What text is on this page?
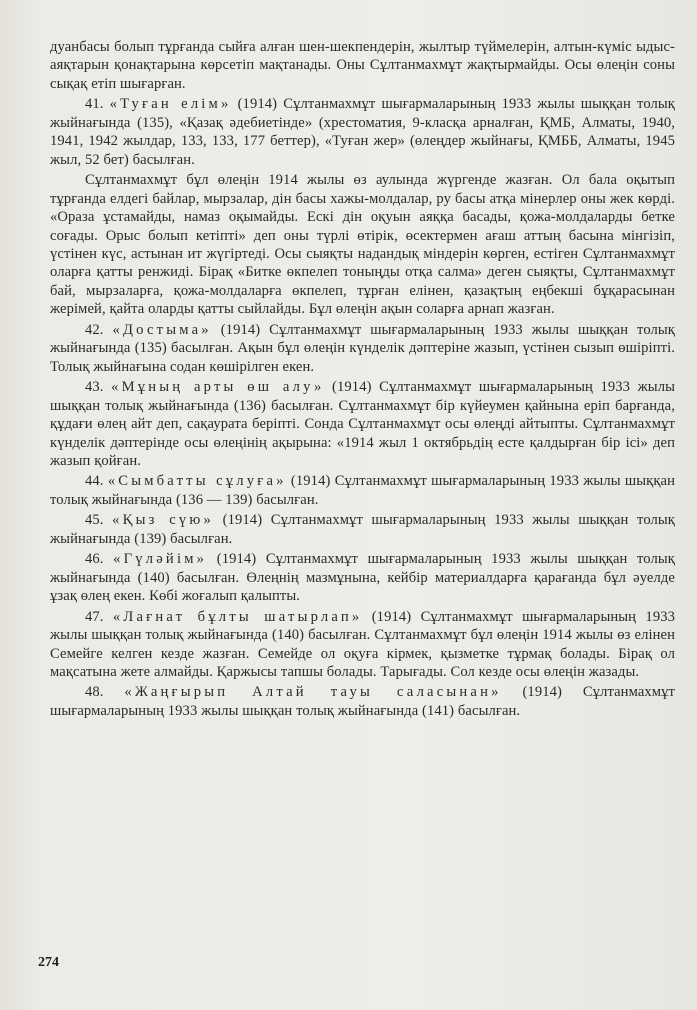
дуанбасы болып тұрғанда сыйға алған шен-шекпендерін, жылтыр түймелерін, алтын-күміс ыдыс-аяқтарын қонақтарына көрсетіп мақтанады. Оны Сұлтанмахмұт жақтырмайды. Осы өлеңін соны сықақ етіп шығарған.

41. «Туған елім» (1914) Сұлтанмахмұт шығармаларының 1933 жылы шыққан толық жыйнағында (135), «Қазақ әдебиетінде» (хрестоматия, 9-класқа арналған, ҚМБ, Алматы, 1940, 1941, 1942 жылдар, 133, 133, 177 беттер), «Туған жер» (өлеңдер жыйнағы, ҚМББ, Алматы, 1945 жыл, 52 бет) басылған.

Сұлтанмахмұт бұл өлеңін 1914 жылы өз аулында жүргенде жазған. Ол бала оқытып тұрғанда елдегі байлар, мырзалар, дін басы хажы-молдалар, ру басы атқа мінерлер оны жек көрді. «Ораза ұстамайды, намаз оқымайды. Ескі дін оқуын аяққа басады, қожа-молдаларды бетке соғады. Орыс болып кетіпті» деп оны түрлі өтірік, өсектермен ағаш аттың басына мінгізіп, үстінен күс, астынан ит жүгіртеді. Осы сыяқты надандық міндерін көрген, естіген Сұлтанмахмұт оларға қатты ренжиді. Бірақ «Битке өкпелеп тоныңды отқа салма» деген сыяқты, Сұлтанмахмұт бай, мырзаларға, қожа-молдаларға өкпелеп, тұрған елінен, қазақтың еңбекші бұқарасынан жерімей, қайта оларды қатты сыйлайды. Бұл өлеңін ақын соларға арнап жазған.

42. «Достыма» (1914) Сұлтанмахмұт шығармаларының 1933 жылы шыққан толық жыйнағында (135) басылған. Ақын бұл өлеңін күнделік дәптеріне жазып, үстінен сызып өшіріпті. Толық жыйнағына содан көшірілген екен.

43. «Мұның арты өш алу» (1914) Сұлтанмахмұт шығармаларының 1933 жылы шыққан толық жыйнағында (136) басылған. Сұлтанмахмұт бір күйеумен қайнына еріп барғанда, құдағи өлең айт деп, сақаурата беріпті. Сонда Сұлтанмахмұт осы өлеңді айтыпты. Сұлтанмахмұт күнделік дәптерінде осы өлеңінің ақырына: «1914 жыл 1 октябрьдің есте қалдырған бір ісі» деп жазып қойған.

44. «Сымбатты сұлуға» (1914) Сұлтанмахмұт шығармаларының 1933 жылы шыққан толық жыйнағында (136 — 139) басылған.

45. «Қыз сүю» (1914) Сұлтанмахмұт шығармаларының 1933 жылы шыққан толық жыйнағында (139) басылған.

46. «Гүләйім» (1914) Сұлтанмахмұт шығармаларының 1933 жылы шыққан толық жыйнағында (140) басылған. Өлеңнің мазмұнына, кейбір материалдарға қарағанда бұл әуелде ұзақ өлең екен. Көбі жоғалып қалыпты.

47. «Лағнат бұлты шатырлап» (1914) Сұлтанмахмұт шығармаларының 1933 жылы шыққан толық жыйнағында (140) басылған. Сұлтанмахмұт бұл өлеңін 1914 жылы өз елінен Семейге келген кезде жазған. Семейде ол оқуға кірмек, қызметке тұрмақ болады. Бірақ ол мақсатына жете алмайды. Қаржысы тапшы болады. Тарығады. Сол кезде осы өлеңін жазады.

48. «Жаңғырып Алтай тауы саласынан» (1914) Сұлтанмахмұт шығармаларының 1933 жылы шыққан толық жыйнағында (141) басылған.

274
